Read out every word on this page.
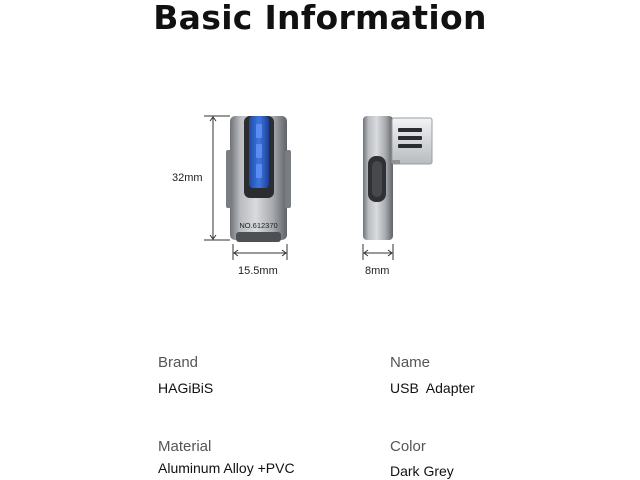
Basic Information
NO.612370
32mm
15.5mm	8mm
Brand
HAGiBiS
Name
USB  Adapter
Material
Aluminum Alloy +PVC
Color
Dark Grey
